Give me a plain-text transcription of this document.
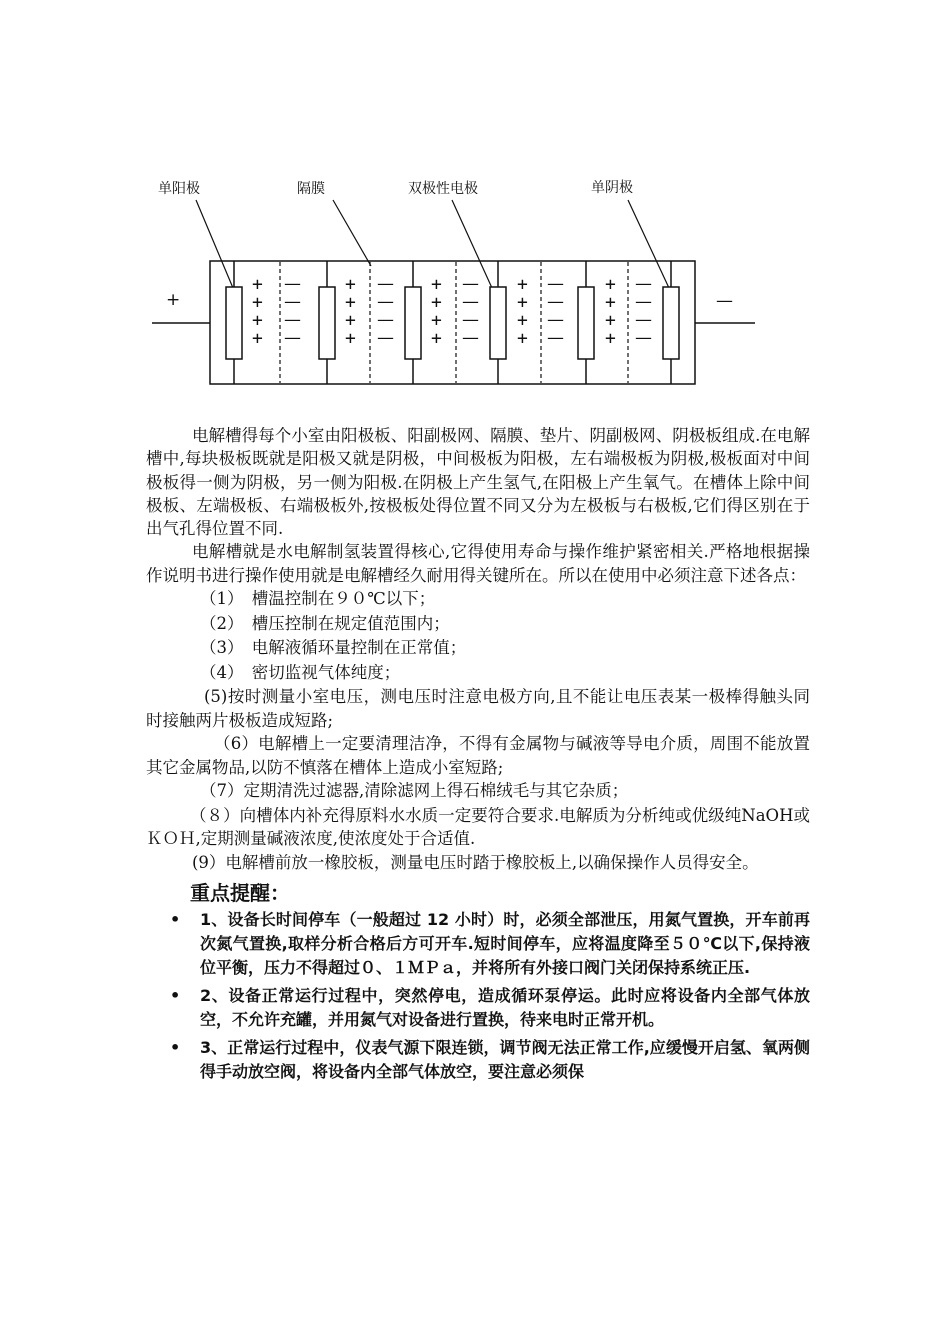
单阳极	隔膜	双极性电极	单阴极
+	—
+
+
+
+
+
+
+
+
+
+
+
+
+
+
+
+
+
+
+
+
—
—
—
—
—
—
—
—
—
—
—
—
—
—
—
—
—
—
—
—

电解槽得每个小室由阳极板、阳副极网、隔膜、垫片、阴副极网、阴极板组成.在电解槽中,每块极板既就是阳极又就是阴极，中间极板为阳极，左右端极板为阴极,极板面对中间极板得一侧为阴极，另一侧为阳极.在阴极上产生氢气,在阳极上产生氧气。在槽体上除中间极板、左端极板、右端极板外,按极板处得位置不同又分为左极板与右极板,它们得区别在于出气孔得位置不同.

电解槽就是水电解制氢装置得核心,它得使用寿命与操作维护紧密相关.严格地根据操作说明书进行操作使用就是电解槽经久耐用得关键所在。所以在使用中必须注意下述各点：

（1）　槽温控制在９０℃以下；

（2）　槽压控制在规定值范围内；

（3）　电解液循环量控制在正常值；

（4）　密切监视气体纯度；

(5)按时测量小室电压，测电压时注意电极方向,且不能让电压表某一极棒得触头同时接触两片极板造成短路;

（6）电解槽上一定要清理洁净，不得有金属物与碱液等导电介质，周围不能放置其它金属物品,以防不慎落在槽体上造成小室短路;

（7）定期清洗过滤器,清除滤网上得石棉绒毛与其它杂质；

（８）向槽体内补充得原料水水质一定要符合要求.电解质为分析纯或优级纯NaOH或ＫＯＨ,定期测量碱液浓度,使浓度处于合适值.

(9）电解槽前放一橡胶板，测量电压时踏于橡胶板上,以确保操作人员得安全。

重点提醒：
• 1、设备长时间停车（一般超过 12 小时）时，必须全部泄压，用氮气置换，开车前再次氮气置换,取样分析合格后方可开车.短时间停车，应将温度降至５０℃以下,保持液位平衡，压力不得超过０、１ＭＰａ，并将所有外接口阀门关闭保持系统正压.
• 2、设备正常运行过程中，突然停电，造成循环泵停运。此时应将设备内全部气体放空，不允许充罐，并用氮气对设备进行置换，待来电时正常开机。
• 3、正常运行过程中，仪表气源下限连锁，调节阀无法正常工作,应缓慢开启氢、氧两侧得手动放空阀，将设备内全部气体放空，要注意必须保
